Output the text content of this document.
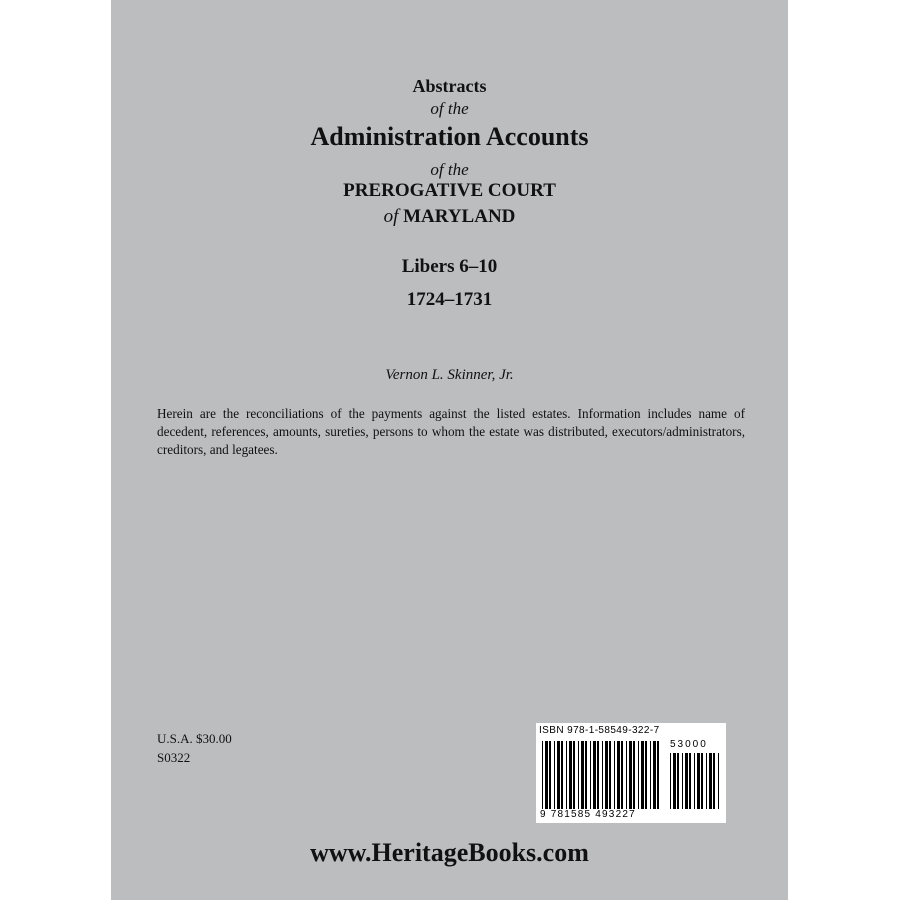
Abstracts
of the
Administration Accounts
of the
PREROGATIVE COURT
of MARYLAND
Libers 6–10
1724–1731
Vernon L. Skinner, Jr.
Herein are the reconciliations of the payments against the listed estates. Information includes name of decedent, references, amounts, sureties, persons to whom the estate was distributed, executors/administrators, creditors, and legatees.
U.S.A. $30.00
S0322
ISBN 978-1-58549-322-7
53000
9 781585 493227
www.HeritageBooks.com
